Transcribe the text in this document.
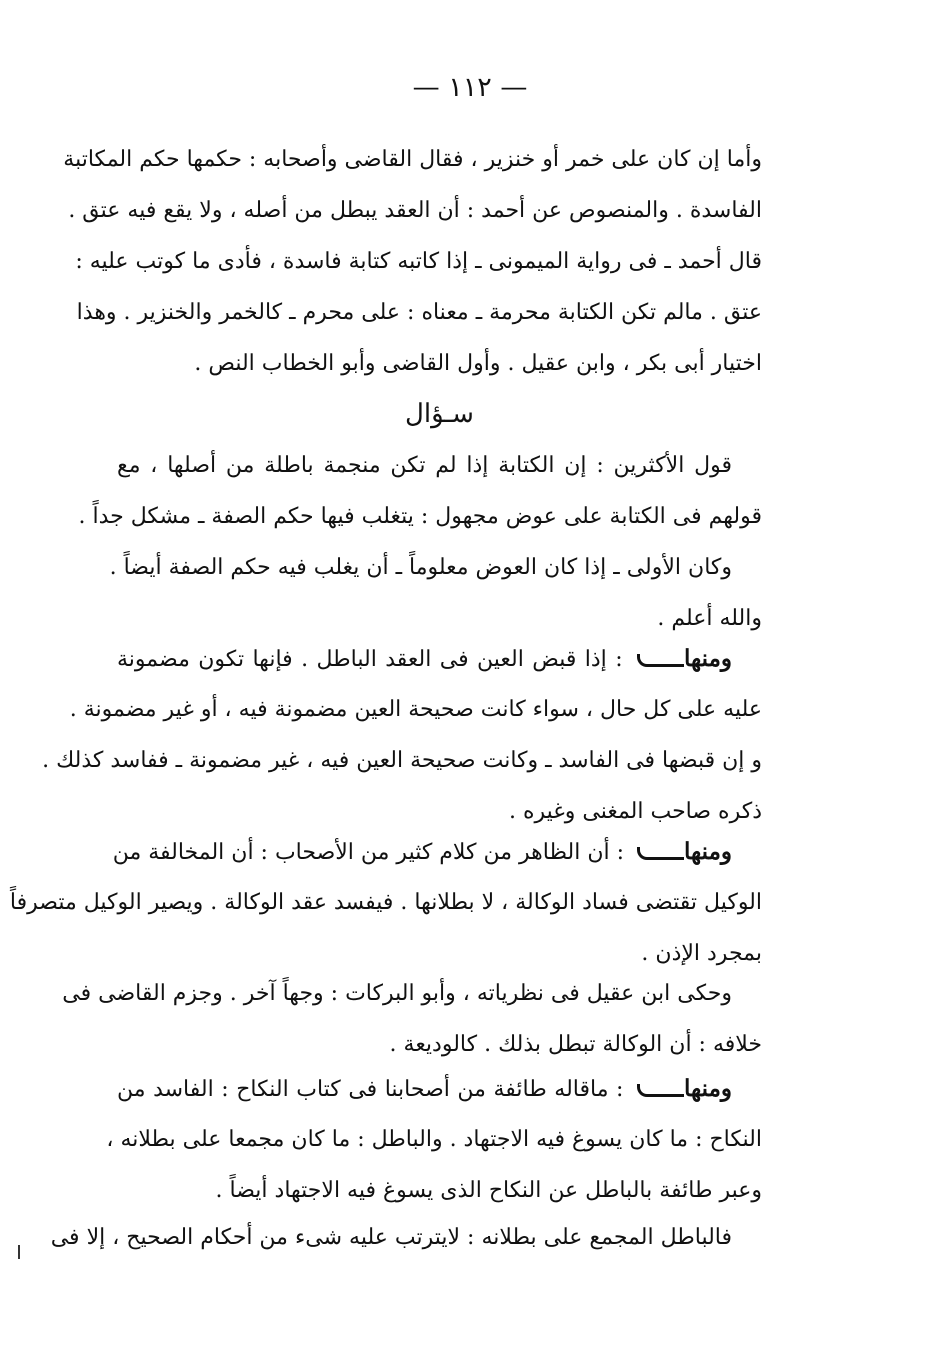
— ١١٢ —
وأما إن كان على خمر أو خنزير ، فقال القاضى وأصحابه : حكمها حكم المكاتبة
الفاسدة . والمنصوص عن أحمد : أن العقد يبطل من أصله ، ولا يقع فيه عتق .
قال أحمد ـ فى رواية الميمونى ـ إذا كاتبه كتابة فاسدة ، فأدى ما كوتب عليه :
عتق . مالم تكن الكتابة محرمة ـ معناه : على محرم ـ كالخمر والخنزير . وهذا
اختيار أبى بكر ، وابن عقيل . وأول القاضى وأبو الخطاب النص .
سـؤال
قول الأكثرين : إن الكتابة إذا لم تكن منجمة باطلة من أصلها ، مع
قولهم فى الكتابة على عوض مجهول : يتغلب فيها حكم الصفة ـ مشكل جداً .
وكان الأولى ـ إذا كان العوض معلوماً ـ أن يغلب فيه حكم الصفة أيضاً .
والله أعلم .
ومنها : إذا قبض العين فى العقد الباطل . فإنها تكون مضمونة
عليه على كل حال ، سواء كانت صحيحة العين مضمونة فيه ، أو غير مضمونة .
و إن قبضها فى الفاسد ـ وكانت صحيحة العين فيه ، غير مضمونة ـ ففاسد كذلك .
ذكره صاحب المغنى وغيره .
ومنها : أن الظاهر من كلام كثير من الأصحاب : أن المخالفة من
الوكيل تقتضى فساد الوكالة ، لا بطلانها . فيفسد عقد الوكالة . ويصير الوكيل متصرفاً
بمجرد الإذن .
وحكى ابن عقيل فى نظرياته ، وأبو البركات : وجهاً آخر . وجزم القاضى فى
خلافه : أن الوكالة تبطل بذلك . كالوديعة .
ومنها : ماقاله طائفة من أصحابنا فى كتاب النكاح : الفاسد من
النكاح : ما كان يسوغ فيه الاجتهاد . والباطل : ما كان مجمعا على بطلانه ،
وعبر طائفة بالباطل عن النكاح الذى يسوغ فيه الاجتهاد أيضاً .
فالباطل المجمع على بطلانه : لايترتب عليه شىء من أحكام الصحيح ، إلا فى
